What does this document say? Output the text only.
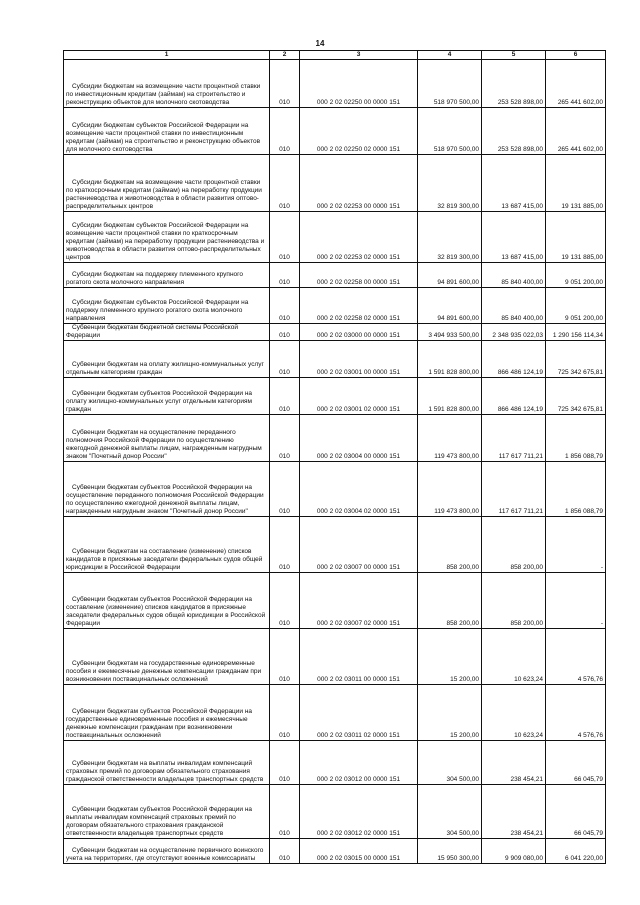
14
1	2	3	4	5	6
Субсидии бюджетам на возмещение части процентной ставки по инвестиционным кредитам (займам) на строительство и реконструкцию объектов для молочного скотоводства	010	000 2 02 02250 00 0000 151	518 970 500,00	253 528 898,00	265 441 602,00
Субсидии бюджетам субъектов Российской Федерации на возмещение части процентной ставки по инвестиционным кредитам (займам) на строительство и реконструкцию объектов для молочного скотоводства	010	000 2 02 02250 02 0000 151	518 970 500,00	253 528 898,00	265 441 602,00
Субсидии бюджетам на возмещение части процентной ставки по краткосрочным кредитам (займам) на переработку продукции растениеводства и животноводства в области развития оптово-распределительных центров	010	000 2 02 02253 00 0000 151	32 819 300,00	13 687 415,00	19 131 885,00
Субсидии бюджетам субъектов Российской Федерации на возмещение части процентной ставки по краткосрочным кредитам (займам) на переработку продукции растениеводства и животноводства в области развития оптово-распределительных центров	010	000 2 02 02253 02 0000 151	32 819 300,00	13 687 415,00	19 131 885,00
Субсидии бюджетам на поддержку племенного крупного рогатого скота молочного направления	010	000 2 02 02258 00 0000 151	94 891 600,00	85 840 400,00	9 051 200,00
Субсидии бюджетам субъектов Российской Федерации на поддержку племенного крупного рогатого скота молочного направления	010	000 2 02 02258 02 0000 151	94 891 600,00	85 840 400,00	9 051 200,00
Субвенции бюджетам бюджетной системы Российской Федерации	010	000 2 02 03000 00 0000 151	3 494 933 500,00	2 348 935 022,03	1 290 156 114,34
Субвенции бюджетам на оплату жилищно-коммунальных услуг отдельным категориям граждан	010	000 2 02 03001 00 0000 151	1 591 828 800,00	866 486 124,19	725 342 675,81
Субвенции бюджетам субъектов Российской Федерации на оплату жилищно-коммунальных услуг отдельным категориям граждан	010	000 2 02 03001 02 0000 151	1 591 828 800,00	866 486 124,19	725 342 675,81
Субвенции бюджетам на осуществление переданного полномочия Российской Федерации по осуществлению ежегодной денежной выплаты лицам, награжденным нагрудным знаком "Почетный донор России"	010	000 2 02 03004 00 0000 151	119 473 800,00	117 617 711,21	1 856 088,79
Субвенции бюджетам субъектов Российской Федерации на осуществление переданного полномочия Российской Федерации по осуществлению ежегодной денежной выплаты лицам, награжденным нагрудным знаком "Почетный донор России"	010	000 2 02 03004 02 0000 151	119 473 800,00	117 617 711,21	1 856 088,79
Субвенции бюджетам на составление (изменение) списков кандидатов в присяжные заседатели федеральных судов общей юрисдикции в Российской Федерации	010	000 2 02 03007 00 0000 151	858 200,00	858 200,00	-
Субвенции бюджетам субъектов Российской Федерации на составление (изменение) списков кандидатов в присяжные заседатели федеральных судов общей юрисдикции в Российской Федерации	010	000 2 02 03007 02 0000 151	858 200,00	858 200,00	-
Субвенции бюджетам на государственные единовременные пособия и ежемесячные денежные компенсации гражданам при возникновении поствакцинальных осложнений	010	000 2 02 03011 00 0000 151	15 200,00	10 623,24	4 576,76
Субвенции бюджетам субъектов Российской Федерации на государственные единовременные пособия и ежемесячные денежные компенсации гражданам при возникновении поствакцинальных осложнений	010	000 2 02 03011 02 0000 151	15 200,00	10 623,24	4 576,76
Субвенции бюджетам на выплаты инвалидам компенсаций страховых премий по договорам обязательного страхования гражданской ответственности владельцев транспортных средств	010	000 2 02 03012 00 0000 151	304 500,00	238 454,21	66 045,79
Субвенции бюджетам субъектов Российской Федерации на выплаты инвалидам компенсаций страховых премий по договорам обязательного страхования гражданской ответственности владельцев транспортных средств	010	000 2 02 03012 02 0000 151	304 500,00	238 454,21	66 045,79
Субвенции бюджетам на осуществление первичного воинского учета на территориях, где отсутствуют военные комиссариаты	010	000 2 02 03015 00 0000 151	15 950 300,00	9 909 080,00	6 041 220,00
